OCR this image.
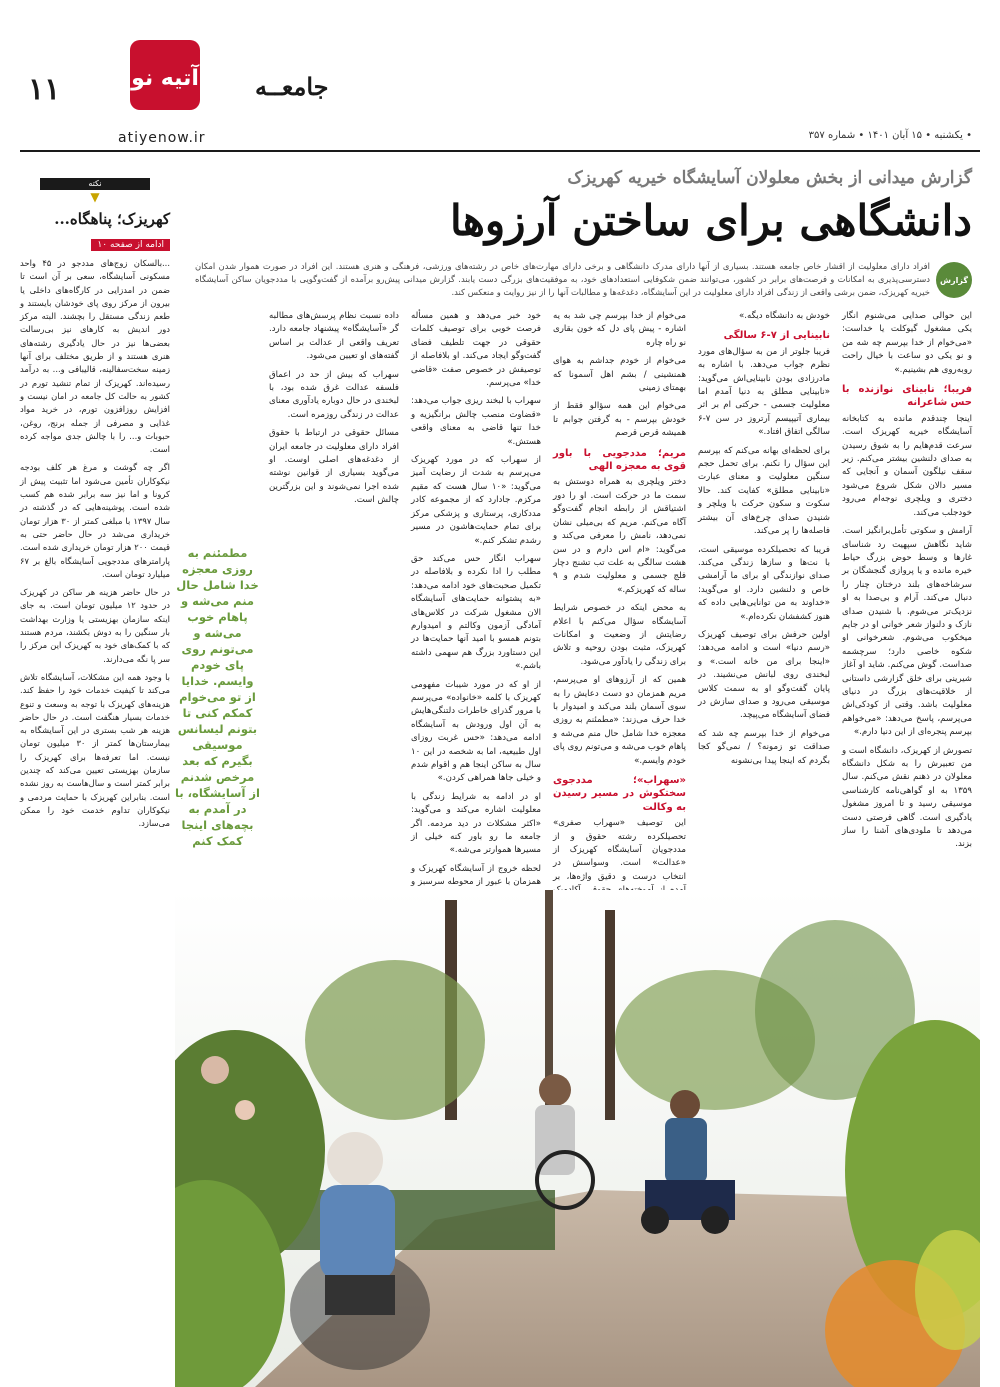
۱۱	آتیه نو
atiyenow.ir
جامعــه
• یکشنبه • ۱۵ آبان ۱۴۰۱ • شماره ۳۵۷
گزارش میدانی از بخش معلولان آسایشگاه خیریه کهریزک
دانشگاهی برای ساختن آرزوها
گزارش
افراد دارای معلولیت از اقشار خاص جامعه هستند. بسیاری از آنها دارای مدرک دانشگاهی و برخی دارای مهارت‌های خاص در رشته‌های ورزشی، فرهنگی و هنری هستند. این افراد در صورت هموار شدن امکان دسترسی‌پذیری به امکانات و فرصت‌های برابر در کشور، می‌توانند ضمن شکوفایی استعدادهای خود، به موفقیت‌های بزرگی دست یابند. گزارش میدانی پیش‌رو برآمده از گفت‌وگویی با مددجویان ساکن آسایشگاه خیریه کهریزک، ضمن برشی واقعی از زندگی افراد دارای معلولیت در این آسایشگاه، دغدغه‌ها و مطالبات آنها را از نیز روایت و منعکس کند.

این حوالی صدایی می‌شنوم انگار یکی مشغول گیوکلت یا خداست: «می‌خوام از خدا بپرسم چه شه من و نو یکی دو ساعت با خیال راحت روبه‌روی هم بشینیم.»

فریبا؛ نابینای نوازنده با حس شاعرانه

اینجا چندقدم مانده به کتابخانه آسایشگاه خیریه کهریزک است. سرعت قدم‌هایم را به شوق رسیدن به صدای دلنشین بیشتر می‌کنم. زیر سقف نیلگون آسمان و آنجایی که مسیر دالان شکل شروع می‌شود دختری و ویلچری نوجه‌ام می‌رود خودجلب می‌کند.

آرامش و سکوتی تأمل‌برانگیز است. شاید نگاهش سپهیت رد شناسای غارها و وسط حوض بزرگ حیاط خیره مانده و یا پروازی گنجشگان بر سرشاخه‌های بلند درختان چنار را دنبال می‌کند. آرام و بی‌صدا به او نزدیک‌تر می‌شوم. با شنیدن صدای نازک و دلنواز شعر خوانی او در جایم میخکوب می‌شوم. شعرخوانی او شکوه خاصی دارد؛ سرچشمه صداست. گوش می‌کنم. شاید او آغاز شیرینی برای خلق گزارشی داستانی از خلاقیت‌های بزرگ در دنیای معلولیت باشد. وقتی از کودکی‌اش می‌پرسم، پاسخ می‌دهد: «می‌خواهم بپرسم پنجره‌ای از این دنیا دارم.»

تصورش از کهریزک، دانشگاه است و من تعبیرش را به شکل دانشگاه معلولان در ذهنم نقش می‌کنم. سال ۱۳۵۹ به او گواهی‌نامه کارشناسی موسیقی رسید و تا امروز مشغول یادگیری است. گاهی فرصتی دست می‌دهد تا ملودی‌های آشنا را ساز بزند.

خودش به دانشگاه دیگه.»

نابینایی از ۷-۶ سالگی

فریبا جلوتر از من به سؤال‌های مورد نظرم جواب می‌دهد. با اشاره به مادرزادی بودن نابینایی‌اش می‌گوید: «نابینایی مطلق به دنیا آمدم اما معلولیت جسمی - حرکتی ام بر اثر بیماری آتیپیسم آرتروز در سن ۷-۶ سالگی اتفاق افتاد.»

برای لحظه‌ای بهانه می‌کنم که بپرسم این سؤال را نکنم. برای تحمل حجم سنگین معلولیت و معنای عبارت «نابینایی مطلق» کفایت کند. حالا سکوت و سکون حرکت با ویلچر و شنیدن صدای چرخ‌های آن بیشتر فاصله‌ها را پر می‌کند.

فریبا که تحصیلکرده موسیقی است، با نت‌ها و سازها زندگی می‌کند. صدای نوازندگی او برای ما آرامشی خاص و دلنشین دارد. او می‌گوید: «خداوند به من توانایی‌هایی داده که هنوز کشفشان نکرده‌ام.»

اولین حرفش برای توصیف کهریزک «رسم دنیا» است و ادامه می‌دهد: «اینجا برای من خانه است.» و لبخندی روی لبانش می‌نشیند. در پایان گفت‌وگو او به سمت کلاس موسیقی می‌رود و صدای سازش در فضای آسایشگاه می‌پیچد.

می‌خوام از خدا بپرسم چه شد که صداقت تو زمونه؟ / نمی‌گو کجا بگردم که اینجا پیدا بی‌نشونه

می‌خوام از خدا بپرسم چی شد به یه اشاره - پیش پای دل که خون بقاری نو راه چاره

می‌خوام از خودم جداشم به هوای همنشینی / بشم اهل آسمونا که بهمتای زمینی

می‌خوام این همه سؤالو فقط از خودش بپرسم - به گرفتن جوابم تا همیشه قرص قرصم

مریم؛ مددجویی با باور قوی به معجزه الهی

دختر ویلچری به همراه دوستش به سمت ما در حرکت است. او را دور اشتیاقش از رابطه انجام گفت‌وگو آگاه می‌کنم. مریم که بی‌میلی نشان نمی‌دهد، نامش را معرفی می‌کند و می‌گوید: «ام اس دارم و در سن هشت سالگی به علت تب تشنج دچار فلج جسمی و معلولیت شدم و ۹ ساله که کهریزکم.»

به محض اینکه در خصوص شرایط آسایشگاه سؤال می‌کنم با اعلام رضایتش از وضعیت و امکانات کهریزک، مثبت بودن روحیه و تلاش برای زندگی را یادآور می‌شود.

همین که از آرزوهای او می‌پرسم، مریم همزمان دو دست دعایش را به سوی آسمان بلند می‌کند و امیدوار با خدا حرف می‌زند: «مطمئنم به روزی معجزه خدا شامل حال منم می‌شه و پاهام خوب می‌شه و می‌تونم روی پای خودم وایسم.»

«سهراب»؛ مددجوی سختکوش در مسیر رسیدن به وکالت

این توصیف «سهراب صفری» تحصیلکرده رشته حقوق و از مددجویان آسایشگاه کهریزک از «عدالت» است. وسواسش در انتخاب درست و دقیق واژه‌ها، بر

خود خبر می‌دهد و همین مسأله فرصت خوبی برای توصیف کلمات حقوقی در جهت تلطیف فضای گفت‌وگو ایجاد می‌کند. او بلافاصله از توصیفش در خصوص صفت «قاضی خدا» می‌پرسم.

سهراب با لبخند ریزی جواب می‌دهد: «قضاوت منصب چالش برانگیزیه و خدا تنها قاضی به معنای واقعی هستش.»

از سهراب که در مورد کهریزک می‌پرسم به شدت از رضایت آمیز می‌گوید: «۱۰ سال هست که مقیم مرکزم. جادارد که از مجموعه کادر مددکاری، پرستاری و پزشکی مرکز برای تمام حمایت‌هاشون در مسیر رشدم تشکر کنم.»

سهراب انگار حس می‌کند حق مطلب را ادا نکرده و بلافاصله در تکمیل صحبت‌های خود ادامه می‌دهد: «به پشتوانه حمایت‌های آسایشگاه الان مشغول شرکت در کلاس‌های آمادگی آزمون وکالتم و امیدوارم بتونم همسو با امید آنها حمایت‌ها در این دستاورد بزرگ هم سهمی داشته باشم.»

از او که در مورد شیبات مفهومی کهریزک با کلمه «خانواده» می‌پرسم با مرور گذرای خاطرات دلتنگی‌هایش به آن اول ورودش به آسایشگاه ادامه می‌دهد: «حس غربت روزای اول طبیعیه، اما به شخصه در این ۱۰ سال به ساکن اینجا هم و اقوام شدم و خیلی جاها همراهی کردن.»

او در ادامه به شرایط زندگی با معلولیت اشاره می‌کند و می‌گوید: «اکثر مشکلات در دید مردمه. اگر جامعه ما رو باور کنه خیلی از مسیرها هموارتر می‌شه.»

لحظه خروج از آسایشگاه کهریزک و همزمان با عبور از محوطه سرسبز و

داده نسبت نظام پرسش‌های مطالبه گر «آسایشگاه» پیشنهاد جامعه دارد. تعریف واقعی از عدالت بر اساس گفته‌های او تعیین می‌شود.

سهراب که بیش از حد در اعماق فلسفه عدالت غرق شده بود، با لبخندی در حال دوباره یادآوری معنای عدالت در زندگی روزمره است.

مسائل حقوقی در ارتباط با حقوق افراد دارای معلولیت در جامعه ایران از دغدغه‌های اصلی اوست. او می‌گوید بسیاری از قوانین نوشته شده اجرا نمی‌شوند و این بزرگترین چالش است.

مطمئنم به روزی معجزه خدا شامل حال منم می‌شه و پاهام خوب می‌شه و می‌تونم روی پای خودم وایسم. خدایا از تو می‌خوام کمکم کنی تا بتونم لیسانس موسیقی بگیرم که بعد مرخص شدنم از آسایشگاه، با در آمدم به بچه‌های اینجا کمک کنم
نکته
▼
کهریزک؛ پناهگاه...
ادامه از صفحه ۱۰

...بالسکان زوج‌های مددجو در ۴۵ واحد مسکونی آسایشگاه، سعی بر آن است تا ضمن در امدزایی در کارگاه‌های داخلی یا بیرون از مرکز روی پای خودشان بایستند و طعم زندگی مستقل را بچشند. البته مرکز دور اندیش به کارهای نیز بی‌رسالت بعضی‌ها نیز در حال یادگیری رشته‌های هنری هستند و از طریق مختلف برای آنها زمینه سخت‌سفالینه، قالیبافی و... به درآمد رسیده‌اند. کهریزک از تمام تنشید تورم در کشور به حالت کل جامعه در امان نیست و افزایش روزافزون تورم، در خرید مواد غذایی و مصرفی از جمله برنج، روغن، حبوبات و... را با چالش جدی مواجه کرده است.

اگر چه گوشت و مرغ هر کلف بودجه نیکوکاران تأمین می‌شود اما تثبیت پیش از کرونا و اما نیز سه برابر شده هم کسب شده است. پوشینه‌هایی که در گذشته در سال ۱۳۹۷ با مبلغی کمتر از ۳۰ هزار تومان خریداری می‌شد در حال حاضر حتی به قیمت ۲۰۰ هزار تومان خریداری شده است. پارامترهای مددجویی آسایشگاه بالغ بر ۶۷ میلیارد تومان است.

در حال حاضر هزینه هر ساکن در کهریزک در حدود ۱۲ میلیون تومان است. به جای اینکه سازمان بهزیستی یا وزارت بهداشت بار سنگین را به دوش بکشند، مردم هستند که با کمک‌های خود به کهریزک این مرکز را سر پا نگه می‌دارند.

با وجود همه این مشکلات، آسایشگاه تلاش می‌کند تا کیفیت خدمات خود را حفظ کند. هزینه‌های کهریزک با توجه به وسعت و تنوع خدمات بسیار هنگفت است. در حال حاضر هزینه هر شب بستری در این آسایشگاه به بیمارستان‌ها کمتر از ۳۰ میلیون تومان نیست. اما تعرفه‌ها برای کهریزک را سازمان بهزیستی تعیین می‌کند که چندین برابر کمتر است و سال‌هاست به روز نشده است. بنابراین کهریزک با حمایت مردمی و نیکوکاران تداوم خدمت خود را ممکن می‌سازد.
